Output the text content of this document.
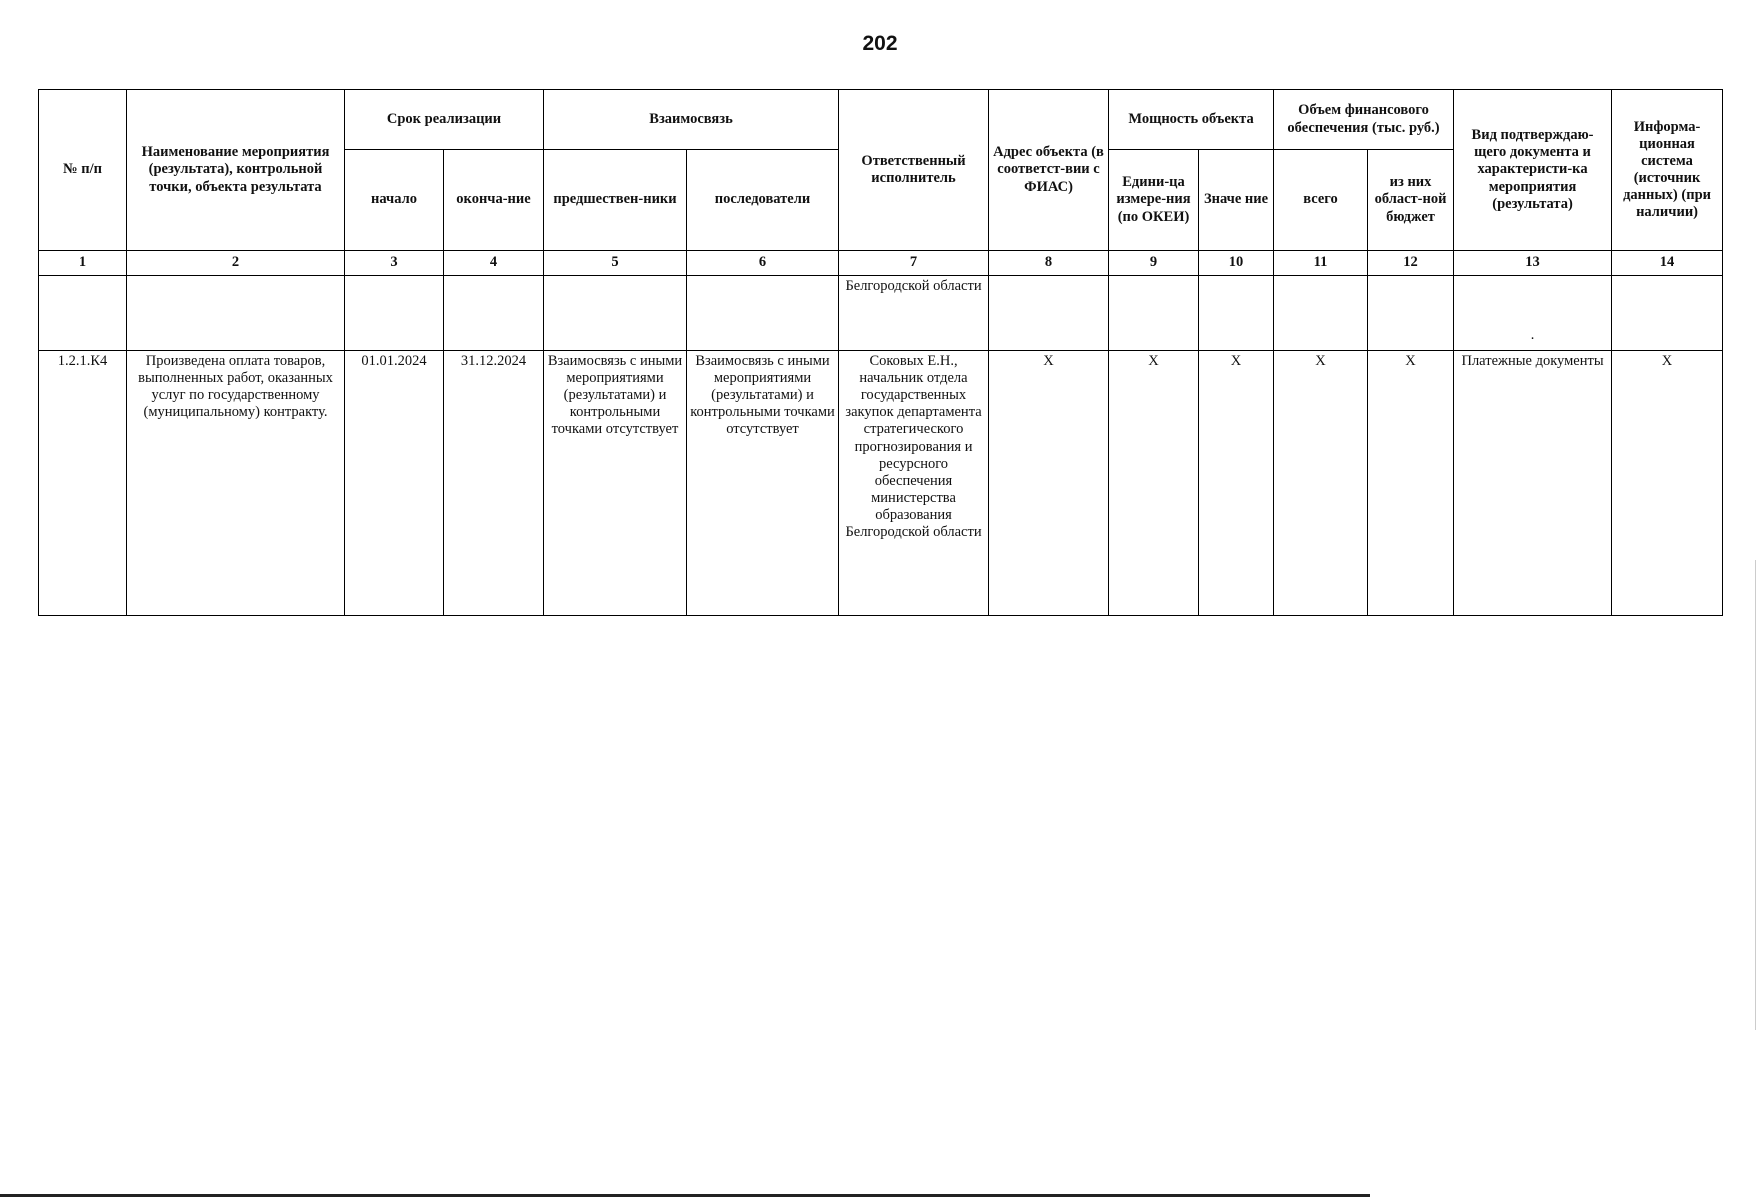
202
№ п/п	Наименование мероприятия (результата), контрольной точки, объекта результата	Срок реализации		Взаимосвязь		Ответственный исполнитель	Адрес объекта (в соответст-вии с ФИАС)	Мощность объекта		Объем финансового обеспечения (тыс. руб.)		Вид подтверждаю-щего документа и характеристи-ка мероприятия (результата)	Информа-ционная система (источник данных) (при наличии)
		начало	оконча-ние	предшествен-ники	последователи			Едини-ца измере-ния (по ОКЕИ)	Значе ние	всего	из них област-ной бюджет		
1	2	3	4	5	6	7	8	9	10	11	12	13	14
						Белгородской области						·	
1.2.1.К4	Произведена оплата товаров, выполненных работ, оказанных услуг по государственному (муниципальному) контракту.	01.01.2024	31.12.2024	Взаимосвязь с иными мероприятиями (результатами) и контрольными точками отсутствует	Взаимосвязь с иными мероприятиями (результатами) и контрольными точками отсутствует	Соковых Е.Н., начальник отдела государственных закупок департамента стратегического прогнозирования и ресурсного обеспечения министерства образования Белгородской области	X	X	X	X	X	Платежные документы	X
